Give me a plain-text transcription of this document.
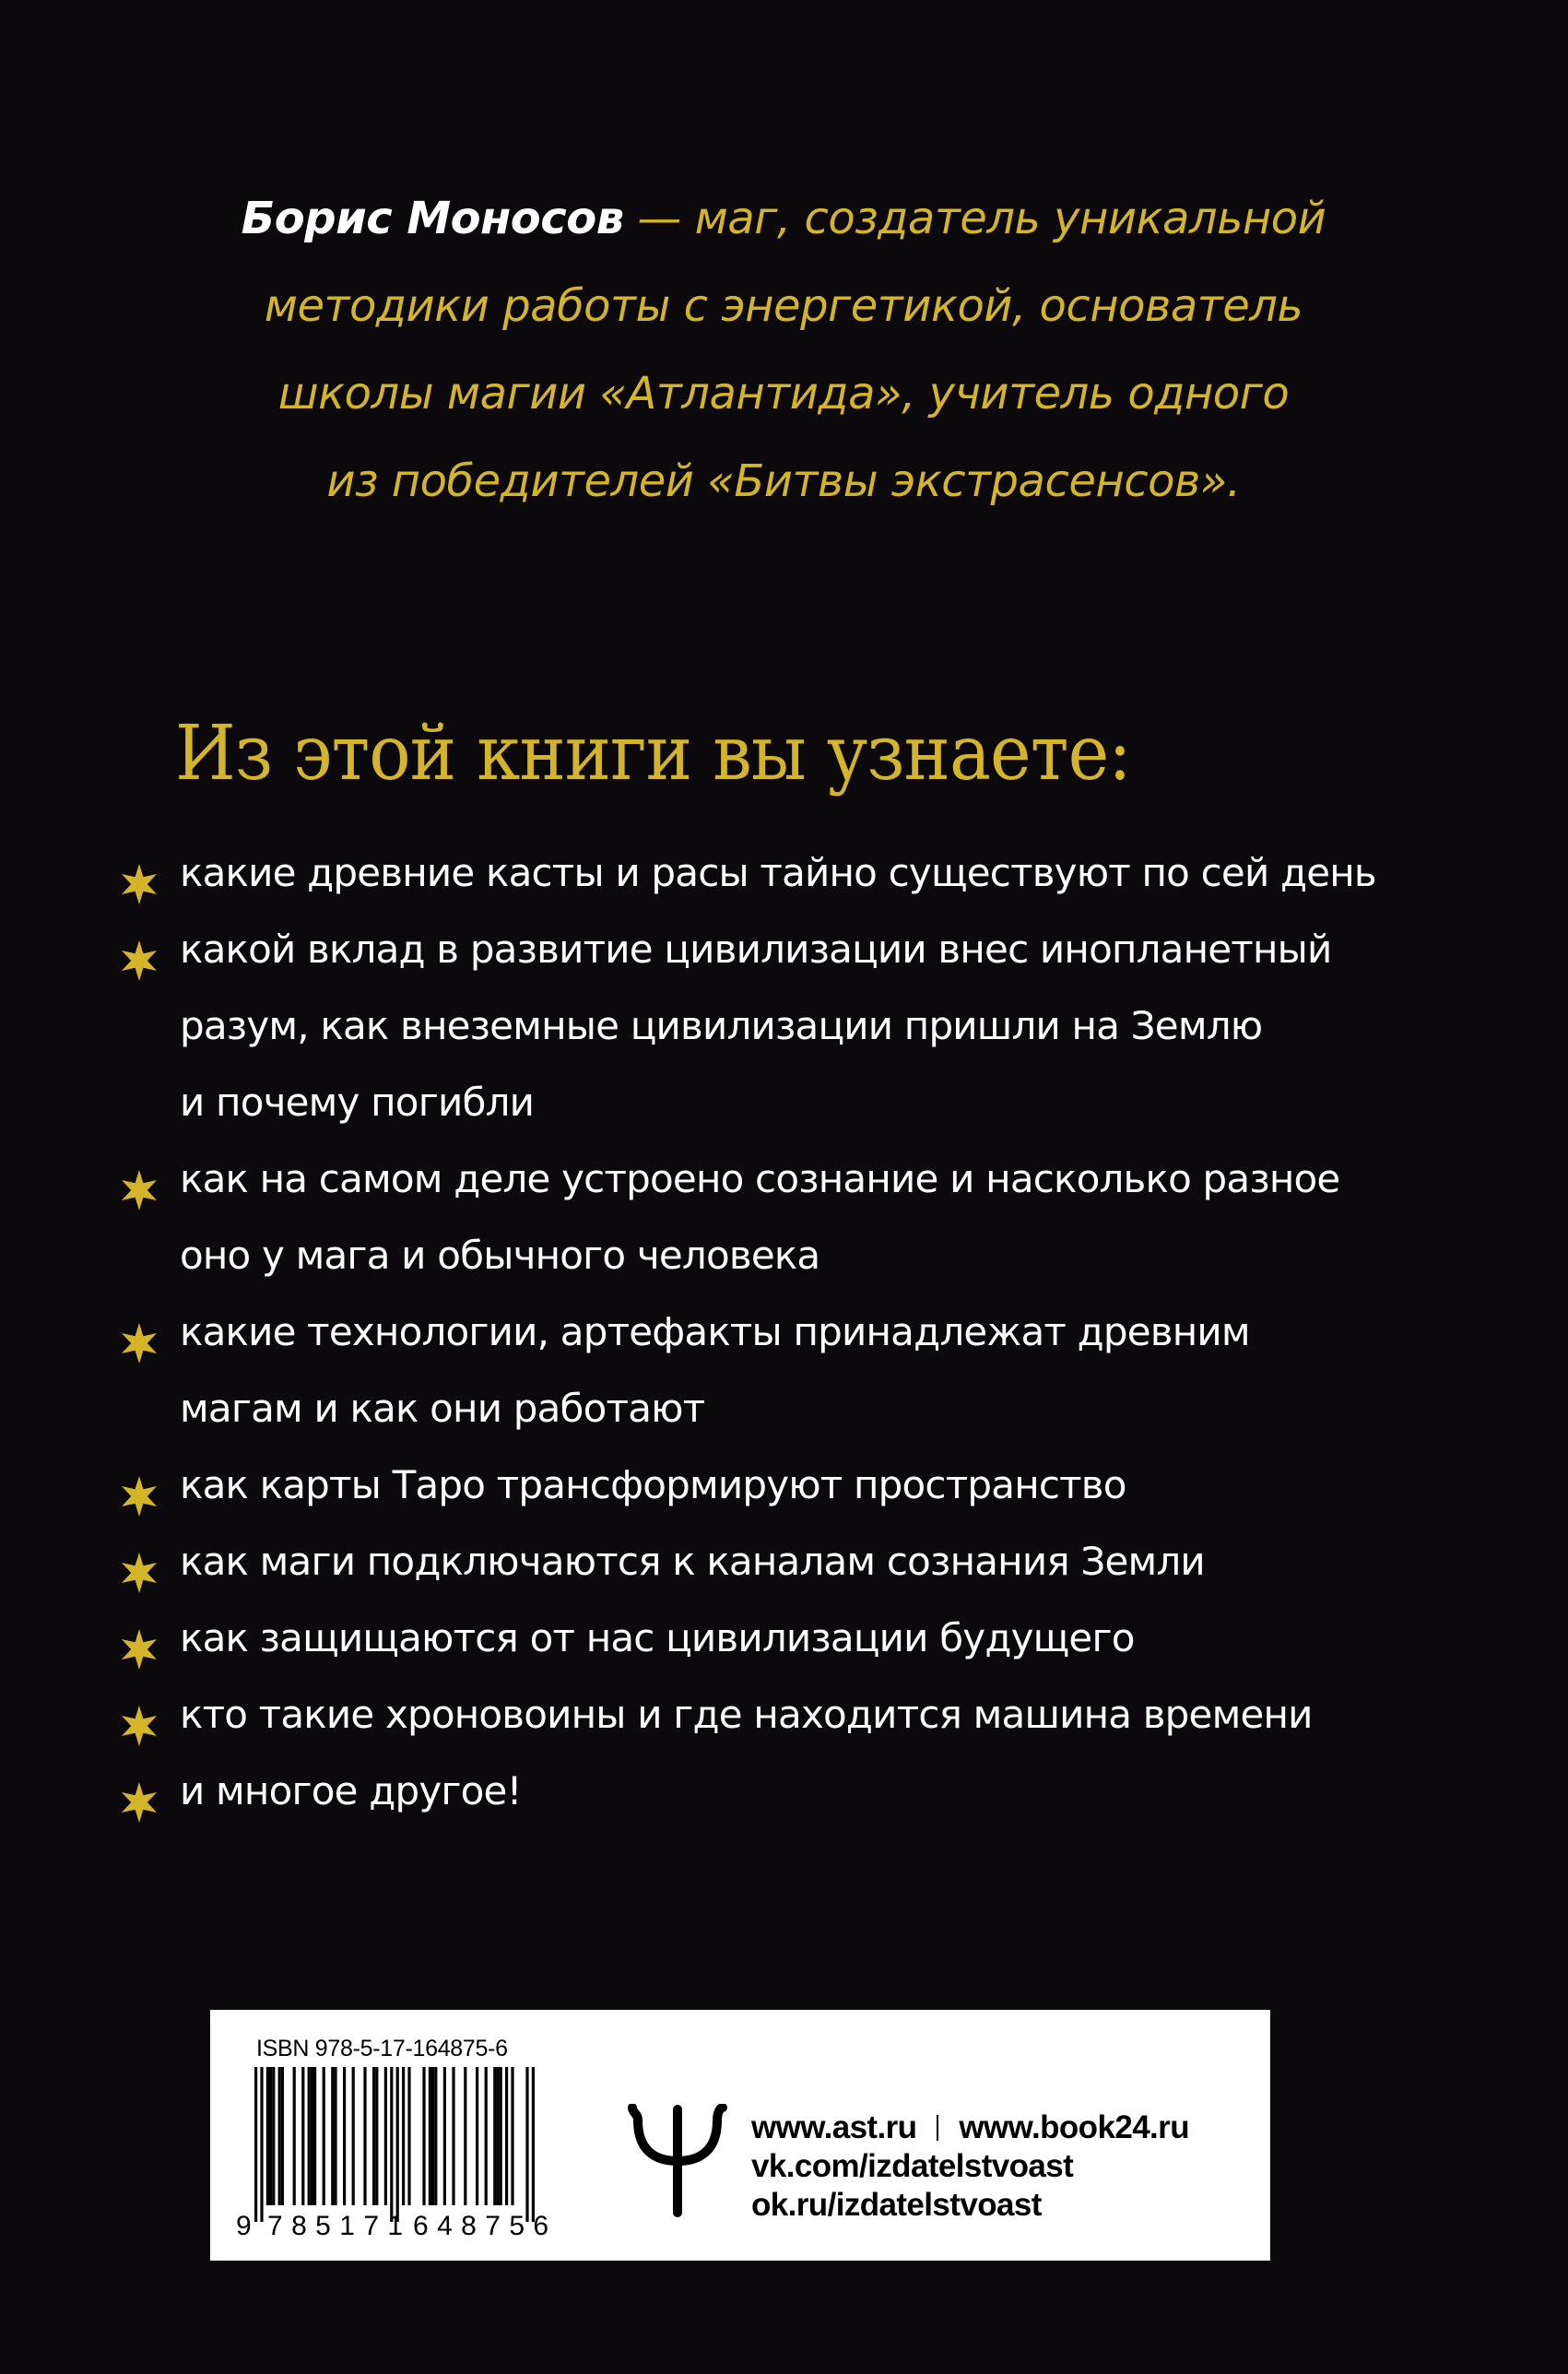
Борис Моносов — маг, создатель уникальной
методики работы с энергетикой, основатель
школы магии «Атлантида», учитель одного
из победителей «Битвы экстрасенсов».
Из этой книги вы узнаете:
какие древние касты и расы тайно существуют по сей день
какой вклад в развитие цивилизации внес инопланетный
разум, как внеземные цивилизации пришли на Землю
и почему погибли
как на самом деле устроено сознание и насколько разное
оно у мага и обычного человека
какие технологии, артефакты принадлежат древним
магам и как они работают
как карты Таро трансформируют пространство
как маги подключаются к каналам сознания Земли
как защищаются от нас цивилизации будущего
кто такие хроновоины и где находится машина времени
и многое другое!
ISBN 978-5-17-164875-6
9 785171 648756
www.ast.ru www.book24.ru
vk.com/izdatelstvoast
ok.ru/izdatelstvoast
